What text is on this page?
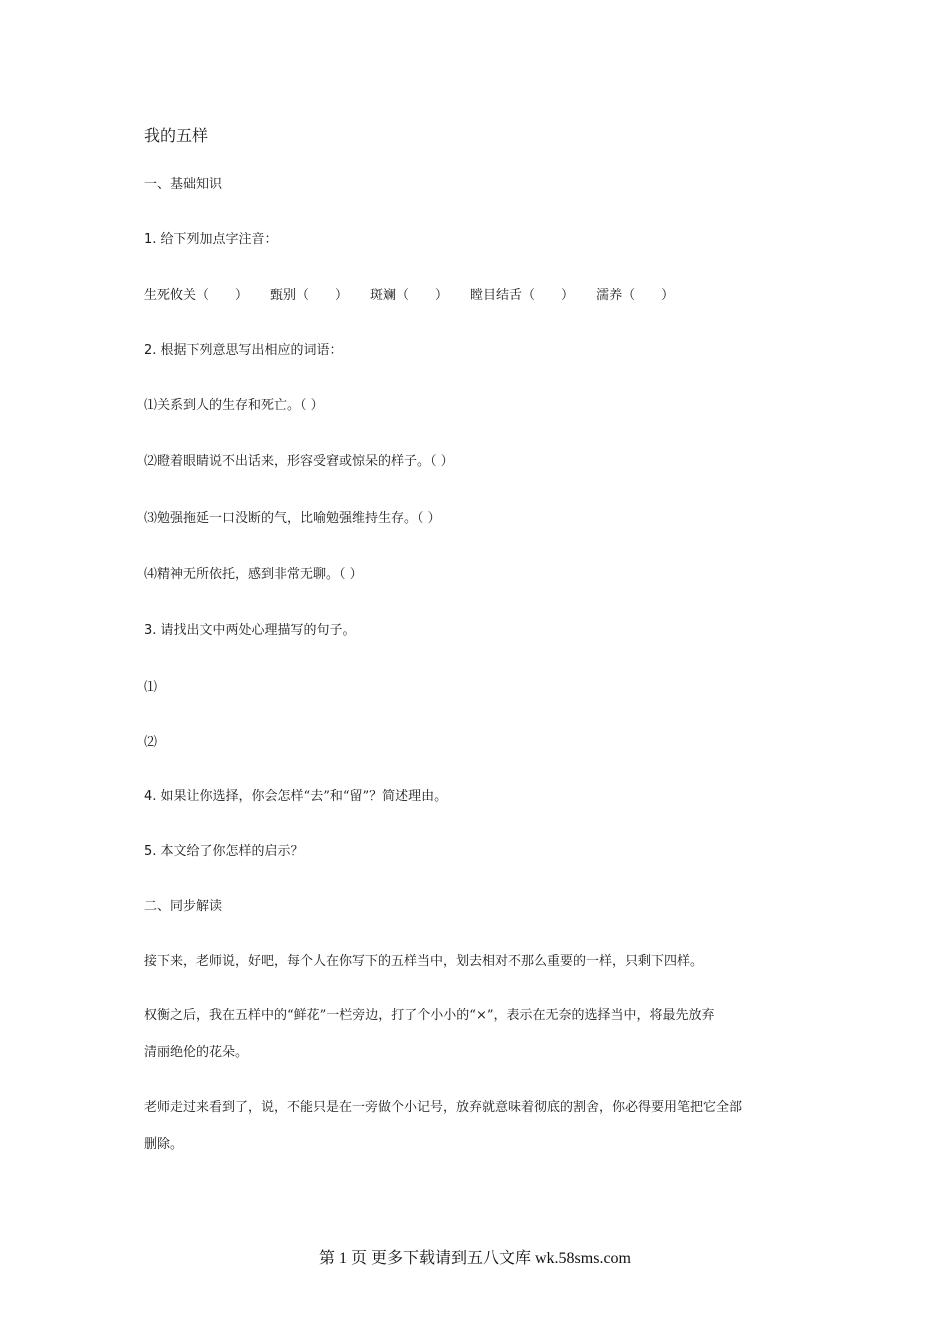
我的五样
一、基础知识
1. 给下列加点字注音：
生死攸关（　　） 甄别（　　） 斑斓（　　） 瞠目结舌（　　） 濡养（　　）
2. 根据下列意思写出相应的词语：
⑴关系到人的生存和死亡。（ ）
⑵瞪着眼睛说不出话来，形容受窘或惊呆的样子。（ ）
⑶勉强拖延一口没断的气，比喻勉强维持生存。（ ）
⑷精神无所依托，感到非常无聊。（ ）
3. 请找出文中两处心理描写的句子。
⑴
⑵
4. 如果让你选择，你会怎样“去”和“留”？简述理由。
5. 本文给了你怎样的启示？
二、同步解读
接下来，老师说，好吧，每个人在你写下的五样当中，划去相对不那么重要的一样，只剩下四样。
权衡之后，我在五样中的“鲜花”一栏旁边，打了个小小的“×”，表示在无奈的选择当中，将最先放弃
清丽绝伦的花朵。
老师走过来看到了，说，不能只是在一旁做个小记号，放弃就意味着彻底的割舍，你必得要用笔把它全部
删除。
第 1 页 更多下载请到五八文库 wk.58sms.com
